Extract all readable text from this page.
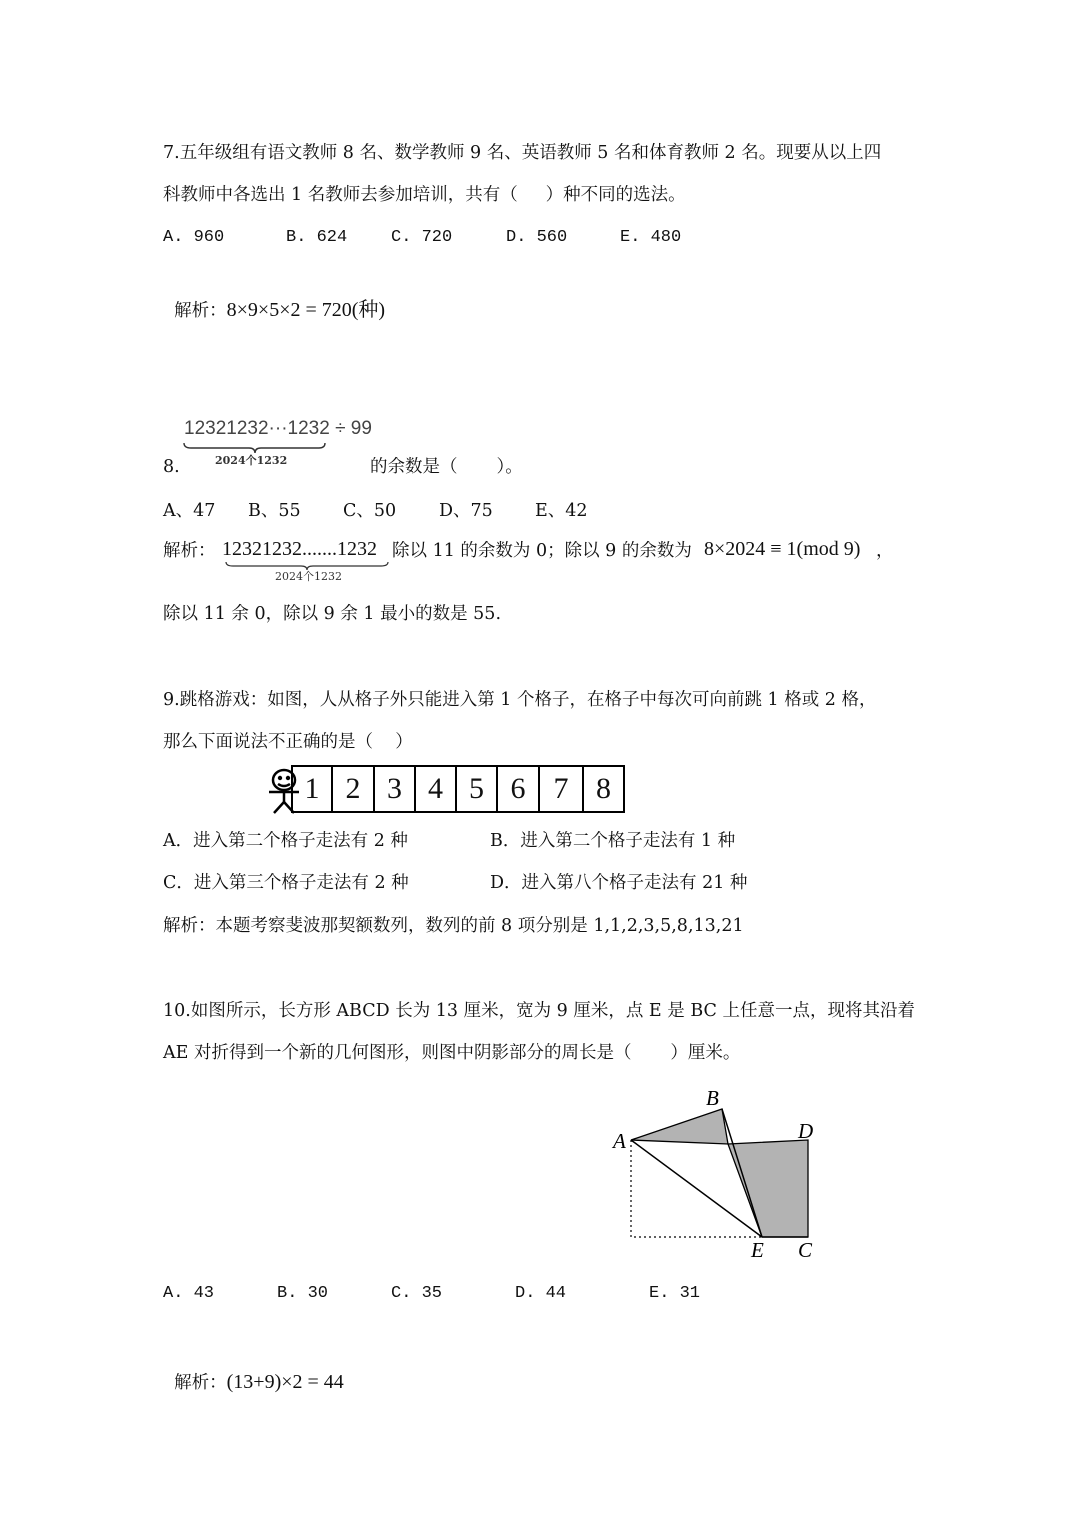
7.五年级组有语文教师 8 名、数学教师 9 名、英语教师 5 名和体育教师 2 名。现要从以上四
科教师中各选出 1 名教师去参加培训，共有（     ）种不同的选法。
A. 960	B. 624	C. 720	D. 560	E. 480

解析：8×9×5×2 = 720(种)

12321232···1232 ÷ 99
2024个1232
8.	的余数是（       ）。
A、47 B、55 C、50 D、75 E、42
解析： 12321232.......1232
2024个1232
除以 11 的余数为 0；除以 9 的余数为 8×2024 ≡ 1(mod 9) ，
除以 11 余 0，除以 9 余 1 最小的数是 55.
9.跳格游戏：如图，人从格子外只能进入第 1 个格子，在格子中每次可向前跳 1 格或 2 格，
那么下面说法不正确的是（    ）
1 2 3 4 5 6 7 8
A．进入第二个格子走法有 2 种	B．进入第二个格子走法有 1 种
C．进入第三个格子走法有 2 种	D．进入第八个格子走法有 21 种
解析：本题考察斐波那契额数列，数列的前 8 项分别是 1,1,2,3,5,8,13,21
10.如图所示，长方形 ABCD 长为 13 厘米，宽为 9 厘米，点 E 是 BC 上任意一点，现将其沿着
AE 对折得到一个新的几何图形，则图中阴影部分的周长是（       ）厘米。
B
A	D
E C
A. 43	B. 30	C. 35	D. 44	E. 31

解析：(13+9)×2 = 44
